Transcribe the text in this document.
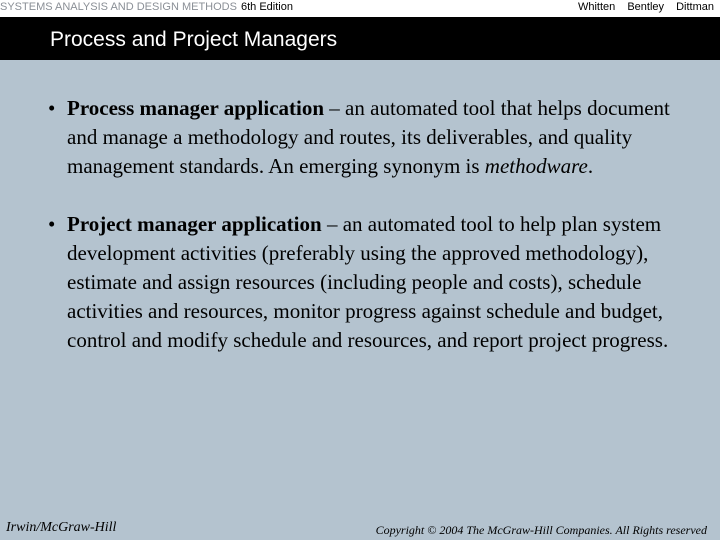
SYSTEMS ANALYSIS AND DESIGN METHODS 6th Edition	Whitten Bentley Dittman
Process and Project Managers
• Process manager application – an automated tool that helps document and manage a methodology and routes, its deliverables, and quality management standards. An emerging synonym is methodware.
• Project manager application – an automated tool to help plan system development activities (preferably using the approved methodology), estimate and assign resources (including people and costs), schedule activities and resources, monitor progress against schedule and budget, control and modify schedule and resources, and report project progress.
Irwin/McGraw-Hill	Copyright © 2004 The McGraw-Hill Companies. All Rights reserved
